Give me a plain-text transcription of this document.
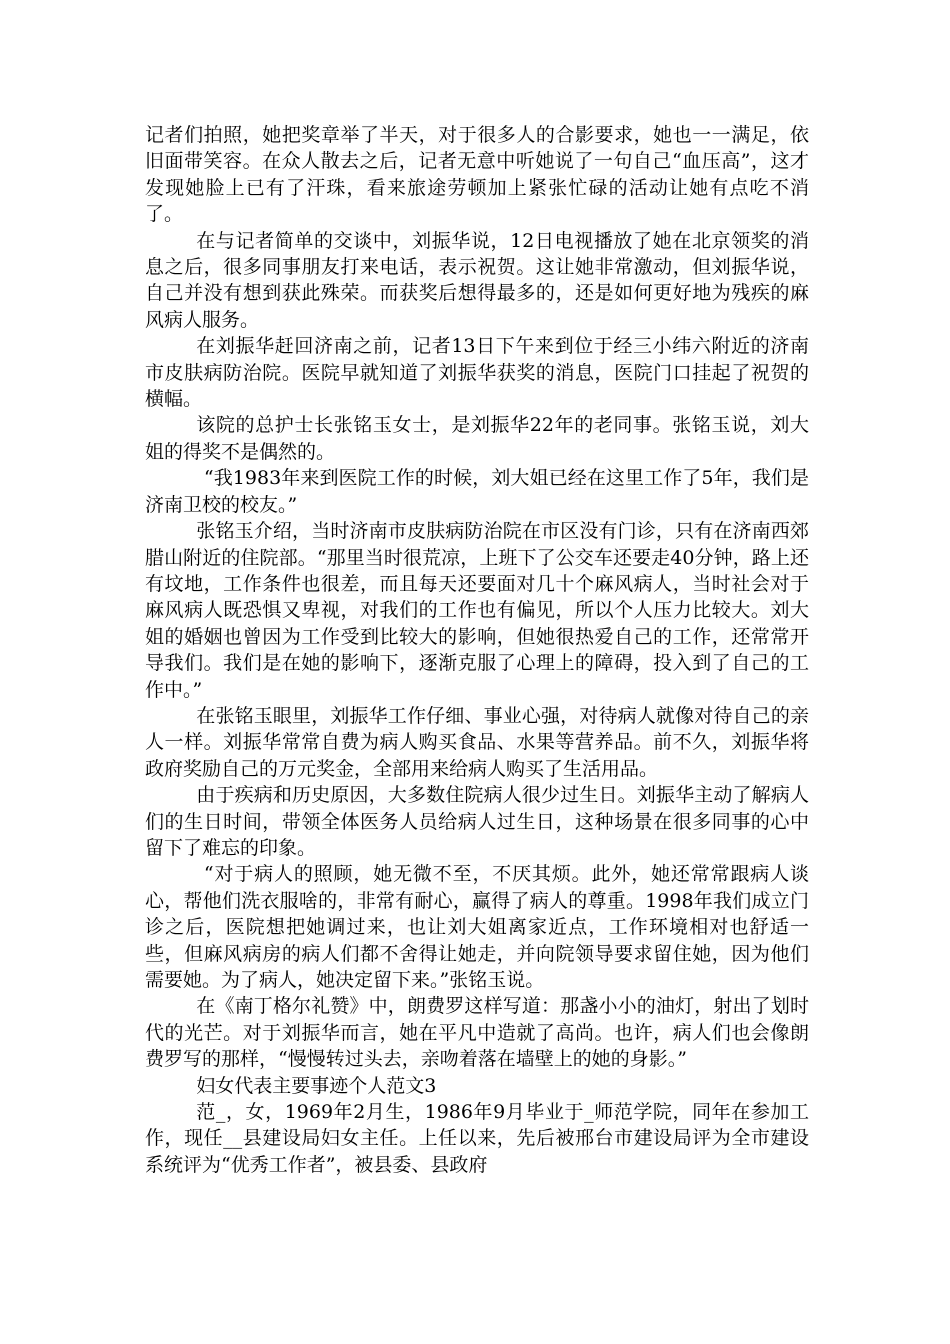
记者们拍照，她把奖章举了半天，对于很多人的合影要求，她也一一满足，依旧面带笑容。在众人散去之后，记者无意中听她说了一句自己“血压高”，这才发现她脸上已有了汗珠，看来旅途劳顿加上紧张忙碌的活动让她有点吃不消了。

在与记者简单的交谈中，刘振华说，12日电视播放了她在北京领奖的消息之后，很多同事朋友打来电话，表示祝贺。这让她非常激动，但刘振华说，自己并没有想到获此殊荣。而获奖后想得最多的，还是如何更好地为残疾的麻风病人服务。

在刘振华赶回济南之前，记者13日下午来到位于经三小纬六附近的济南市皮肤病防治院。医院早就知道了刘振华获奖的消息，医院门口挂起了祝贺的横幅。

该院的总护士长张铭玉女士，是刘振华22年的老同事。张铭玉说，刘大姐的得奖不是偶然的。

“我1983年来到医院工作的时候，刘大姐已经在这里工作了5年，我们是济南卫校的校友。”

张铭玉介绍，当时济南市皮肤病防治院在市区没有门诊，只有在济南西郊腊山附近的住院部。“那里当时很荒凉，上班下了公交车还要走40分钟，路上还有坟地，工作条件也很差，而且每天还要面对几十个麻风病人，当时社会对于麻风病人既恐惧又卑视，对我们的工作也有偏见，所以个人压力比较大。刘大姐的婚姻也曾因为工作受到比较大的影响，但她很热爱自己的工作，还常常开导我们。我们是在她的影响下，逐渐克服了心理上的障碍，投入到了自己的工作中。”

在张铭玉眼里，刘振华工作仔细、事业心强，对待病人就像对待自己的亲人一样。刘振华常常自费为病人购买食品、水果等营养品。前不久，刘振华将政府奖励自己的万元奖金，全部用来给病人购买了生活用品。

由于疾病和历史原因，大多数住院病人很少过生日。刘振华主动了解病人们的生日时间，带领全体医务人员给病人过生日，这种场景在很多同事的心中留下了难忘的印象。

“对于病人的照顾，她无微不至，不厌其烦。此外，她还常常跟病人谈心，帮他们洗衣服啥的，非常有耐心，赢得了病人的尊重。1998年我们成立门诊之后，医院想把她调过来，也让刘大姐离家近点，工作环境相对也舒适一些，但麻风病房的病人们都不舍得让她走，并向院领导要求留住她，因为他们需要她。为了病人，她决定留下来。”张铭玉说。

在《南丁格尔礼赞》中，朗费罗这样写道：那盏小小的油灯，射出了划时代的光芒。对于刘振华而言，她在平凡中造就了高尚。也许，病人们也会像朗费罗写的那样，“慢慢转过头去，亲吻着落在墙壁上的她的身影。”

妇女代表主要事迹个人范文3

范_，女，1969年2月生，1986年9月毕业于_师范学院，同年在参加工作，现任__县建设局妇女主任。上任以来，先后被邢台市建设局评为全市建设系统评为“优秀工作者”，被县委、县政府
